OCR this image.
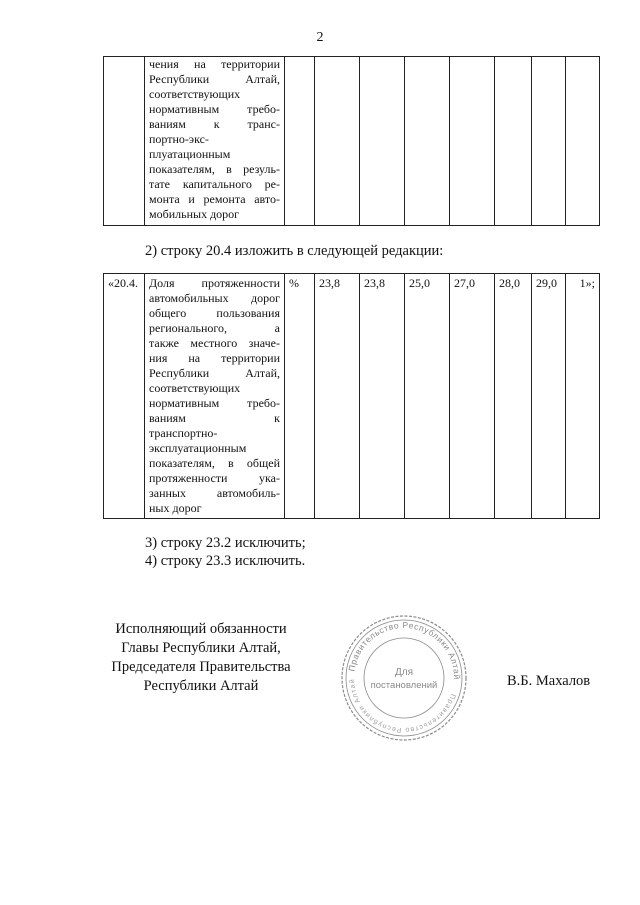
2

чения на территории
Республики Алтай,
соответствующих
нормативным требо-
ваниям к транс-
портно-экс-
плуатационным
показателям, в резуль-
тате капитального ре-
монта и ремонта авто-
мобильных дорог

2) строку 20.4 изложить в следующей редакции:
«20.4.	Доля протяженности
автомобильных дорог
общего пользования
регионального, а
также местного значе-
ния на территории
Республики Алтай,
соответствующих
нормативным требо-
ваниям к
транспортно-
эксплуатационным
показателям, в общей
протяженности ука-
занных автомобиль-
ных дорог
	%	23,8	23,8	25,0	27,0	28,0	29,0	1»;
3) строку 23.2 исключить;
4) строку 23.3 исключить.
Исполняющий обязанности
Главы Республики Алтай,
Председателя Правительства
Республики Алтай
Правительство Республики Алтай
Правительство Республики Алтай
Для
постановлений	В.Б. Махалов
